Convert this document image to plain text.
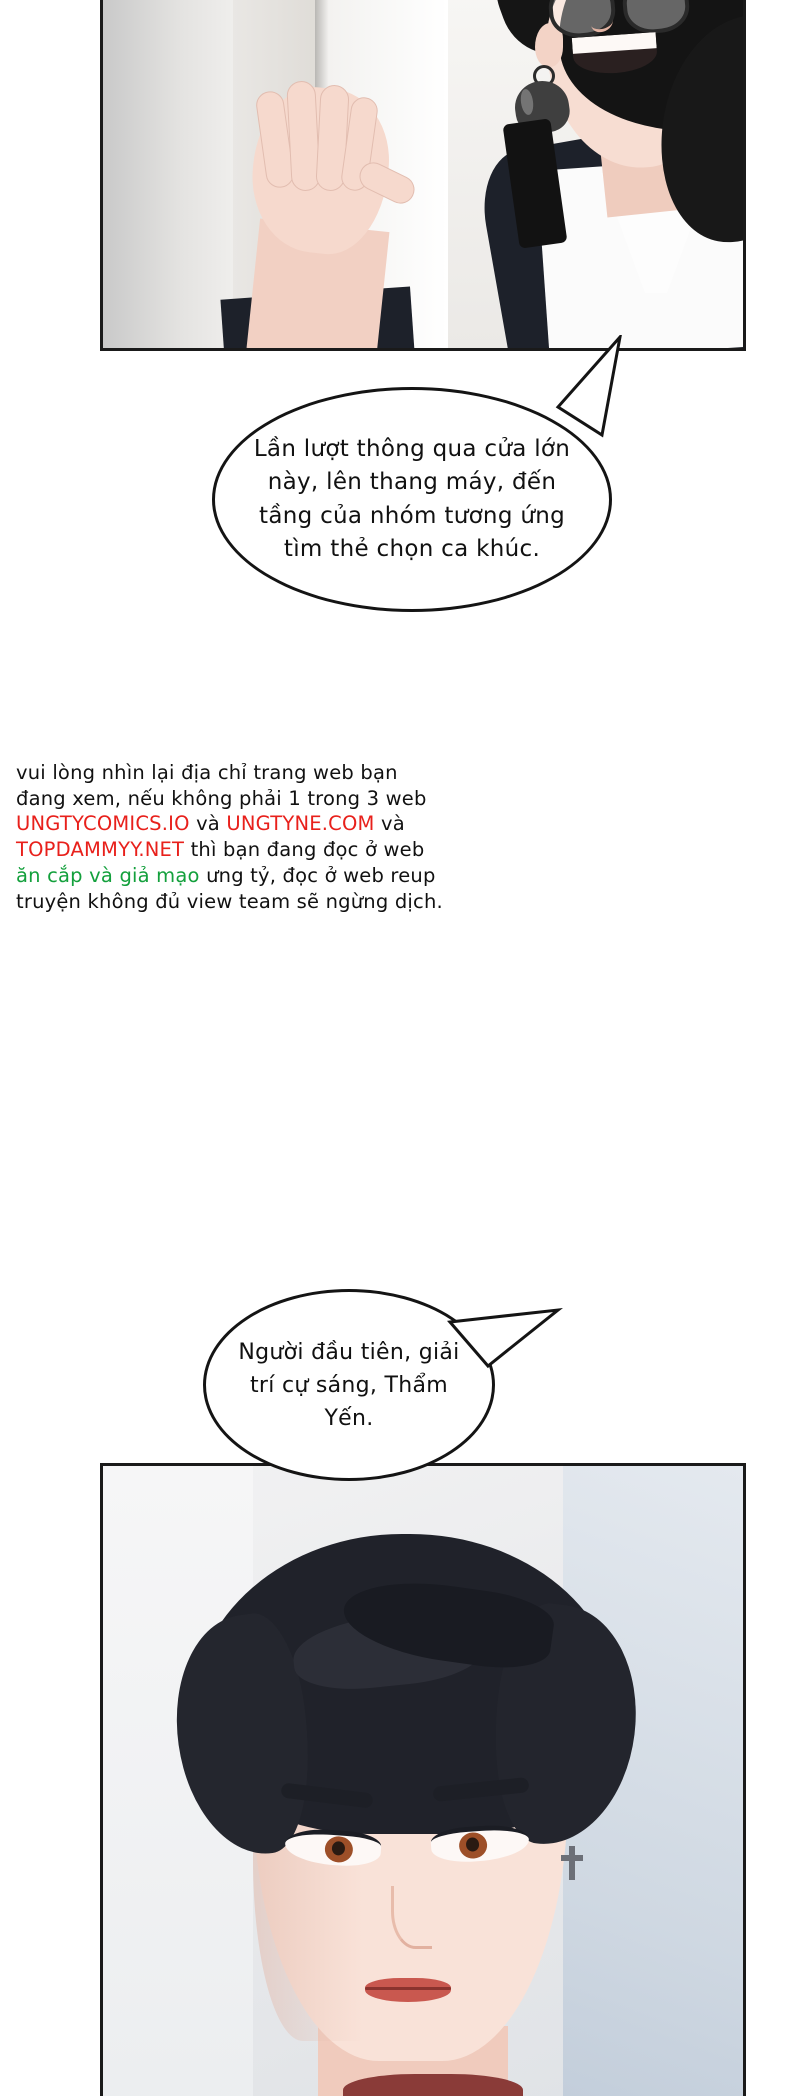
Lần lượt thông qua cửa lớn này, lên thang máy, đến tầng của nhóm tương ứng tìm thẻ chọn ca khúc.
vui lòng nhìn lại địa chỉ trang web bạn
đang xem, nếu không phải 1 trong 3 web
UNGTYCOMICS.IO và UNGTYNE.COM và
TOPDAMMYY.NET thì bạn đang đọc ở web
ăn cắp và giả mạo ưng tỷ, đọc ở web reup
truyện không đủ view team sẽ ngừng dịch.
Người đầu tiên, giải trí cự sáng, Thẩm Yến.
